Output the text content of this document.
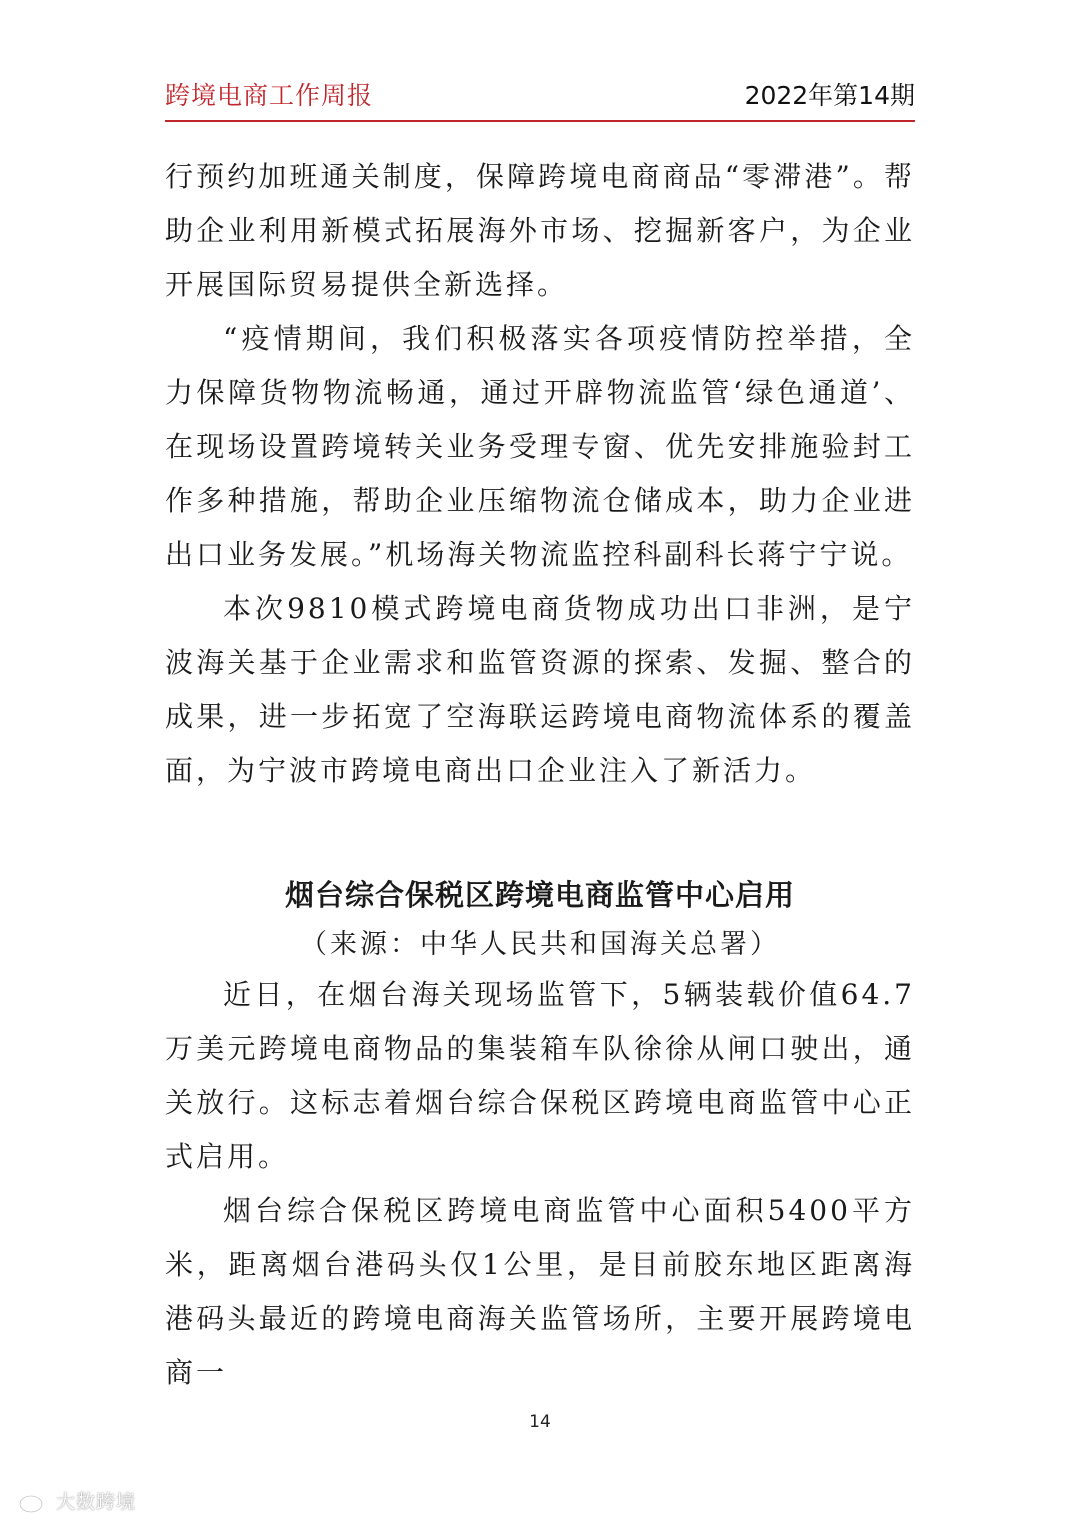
跨境电商工作周报	2022年第14期

行预约加班通关制度，保障跨境电商商品“零滞港”。帮助企业利用新模式拓展海外市场、挖掘新客户，为企业开展国际贸易提供全新选择。

“疫情期间，我们积极落实各项疫情防控举措，全力保障货物物流畅通，通过开辟物流监管‘绿色通道’、在现场设置跨境转关业务受理专窗、优先安排施验封工作多种措施，帮助企业压缩物流仓储成本，助力企业进出口业务发展。”机场海关物流监控科副科长蒋宁宁说。

本次9810模式跨境电商货物成功出口非洲，是宁波海关基于企业需求和监管资源的探索、发掘、整合的成果，进一步拓宽了空海联运跨境电商物流体系的覆盖面，为宁波市跨境电商出口企业注入了新活力。

烟台综合保税区跨境电商监管中心启用

（来源：中华人民共和国海关总署）

近日，在烟台海关现场监管下，5辆装载价值64.7万美元跨境电商物品的集装箱车队徐徐从闸口驶出，通关放行。这标志着烟台综合保税区跨境电商监管中心正式启用。

烟台综合保税区跨境电商监管中心面积5400平方米，距离烟台港码头仅1公里，是目前胶东地区距离海港码头最近的跨境电商海关监管场所，主要开展跨境电商一

14
大数跨境
